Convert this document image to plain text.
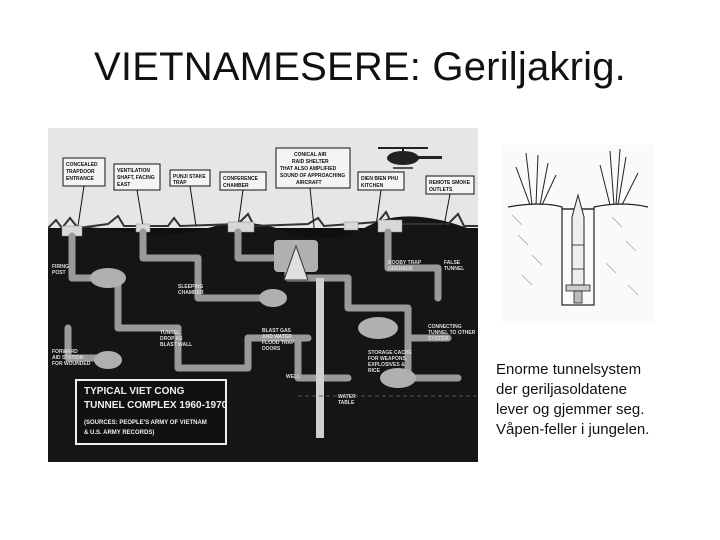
VIETNAMESERE: Geriljakrig.
CONCEALED
TRAPDOOR
ENTRANCE
VENTILATION
SHAFT, FACING
EAST
PUNJI STAKE
TRAP
CONFERENCE
CHAMBER
CONICAL AIR
RAID SHELTER
THAT ALSO AMPLIFIED
SOUND OF APPROACHING
AIRCRAFT
DIEN BIEN PHU
KITCHEN	REMOTE SMOKE
OUTLETS
FIRING
POST
SLEEPING
CHAMBER
BOOBY TRAP
GRENADE
FALSE
TUNNEL
TUNNEL
DROP AS
BLAST WALL
BLAST GAS
AND WATER
FLOOD TRAP
DOORS
CONNECTING
TUNNEL TO OTHER
SYSTEM
FORWARD
AID STATION
FOR WOUNDED
STORAGE CACHE
FOR WEAPONS,
EXPLOSIVES &
RICE
WELL
WATER
TABLE
TYPICAL VIET CONG
TUNNEL COMPLEX 1960-1970
(SOURCES: PEOPLE'S ARMY OF VIETNAM
& U.S. ARMY RECORDS)
Enorme tunnelsystem
der geriljasoldatene
lever og gjemmer seg.
Våpen-feller i jungelen.
